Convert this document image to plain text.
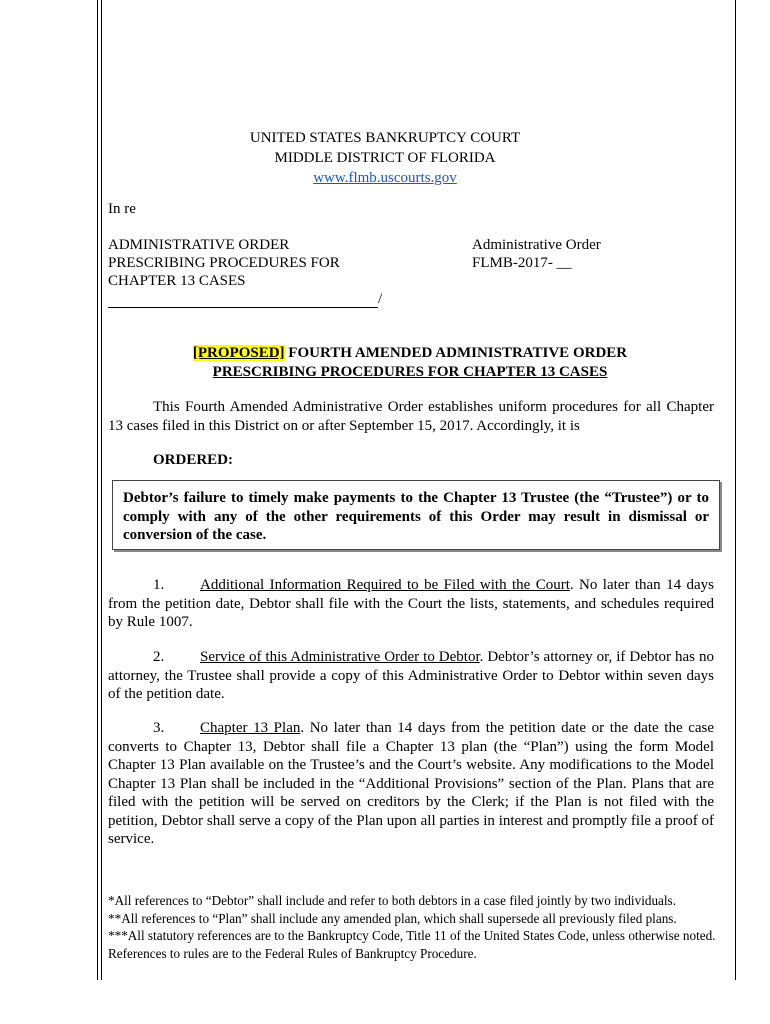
UNITED STATES BANKRUPTCY COURT
MIDDLE DISTRICT OF FLORIDA
www.flmb.uscourts.gov
In re
ADMINISTRATIVE ORDER
PRESCRIBING PROCEDURES FOR
CHAPTER 13 CASES
/
Administrative Order
FLMB-2017- __
[PROPOSED] FOURTH AMENDED ADMINISTRATIVE ORDER
PRESCRIBING PROCEDURES FOR CHAPTER 13 CASES
This Fourth Amended Administrative Order establishes uniform procedures for all Chapter 13 cases filed in this District on or after September 15, 2017. Accordingly, it is
ORDERED:
Debtor’s failure to timely make payments to the Chapter 13 Trustee (the “Trustee”) or to comply with any of the other requirements of this Order may result in dismissal or conversion of the case.
1. Additional Information Required to be Filed with the Court. No later than 14 days from the petition date, Debtor shall file with the Court the lists, statements, and schedules required by Rule 1007.
2. Service of this Administrative Order to Debtor. Debtor’s attorney or, if Debtor has no attorney, the Trustee shall provide a copy of this Administrative Order to Debtor within seven days of the petition date.
3. Chapter 13 Plan. No later than 14 days from the petition date or the date the case converts to Chapter 13, Debtor shall file a Chapter 13 plan (the “Plan”) using the form Model Chapter 13 Plan available on the Trustee’s and the Court’s website. Any modifications to the Model Chapter 13 Plan shall be included in the “Additional Provisions” section of the Plan. Plans that are filed with the petition will be served on creditors by the Clerk; if the Plan is not filed with the petition, Debtor shall serve a copy of the Plan upon all parties in interest and promptly file a proof of service.
*All references to “Debtor” shall include and refer to both debtors in a case filed jointly by two individuals.
**All references to “Plan” shall include any amended plan, which shall supersede all previously filed plans.
***All statutory references are to the Bankruptcy Code, Title 11 of the United States Code, unless otherwise noted. References to rules are to the Federal Rules of Bankruptcy Procedure.
